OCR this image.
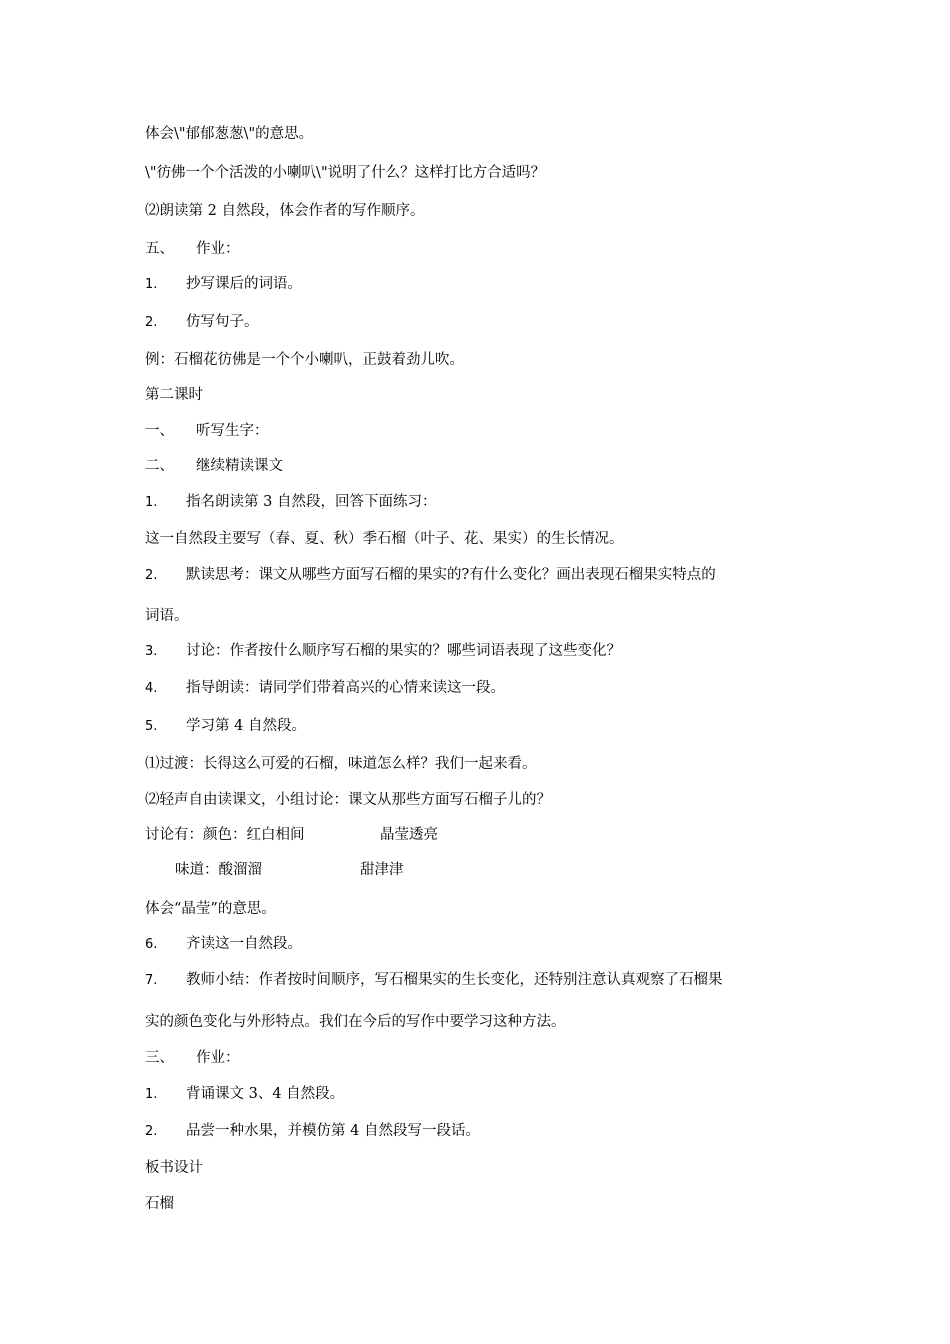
体会\"郁郁葱葱\"的意思。
\"彷佛一个个活泼的小喇叭\"说明了什么？这样打比方合适吗？
⑵朗读第 2 自然段，体会作者的写作顺序。
五、 作业：
1. 抄写课后的词语。
2. 仿写句子。
例：石榴花彷佛是一个个小喇叭，正鼓着劲儿吹。
第二课时
一、 听写生字：
二、 继续精读课文
1. 指名朗读第 3 自然段，回答下面练习：
这一自然段主要写（春、夏、秋）季石榴（叶子、花、果实）的生长情况。
2. 默读思考：课文从哪些方面写石榴的果实的?有什么变化？画出表现石榴果实特点的
词语。
3. 讨论：作者按什么顺序写石榴的果实的？哪些词语表现了这些变化？
4. 指导朗读：请同学们带着高兴的心情来读这一段。
5. 学习第 4 自然段。
⑴过渡：长得这么可爱的石榴，味道怎么样？我们一起来看。
⑵轻声自由读课文，小组讨论：课文从那些方面写石榴子儿的？
讨论有：颜色：红白相间	晶莹透亮
味道：酸溜溜	甜津津
体会“晶莹”的意思。
6. 齐读这一自然段。
7. 教师小结：作者按时间顺序，写石榴果实的生长变化，还特别注意认真观察了石榴果
实的颜色变化与外形特点。我们在今后的写作中要学习这种方法。
三、 作业：
1. 背诵课文 3、4 自然段。
2. 品尝一种水果，并模仿第 4 自然段写一段话。
板书设计
石榴
